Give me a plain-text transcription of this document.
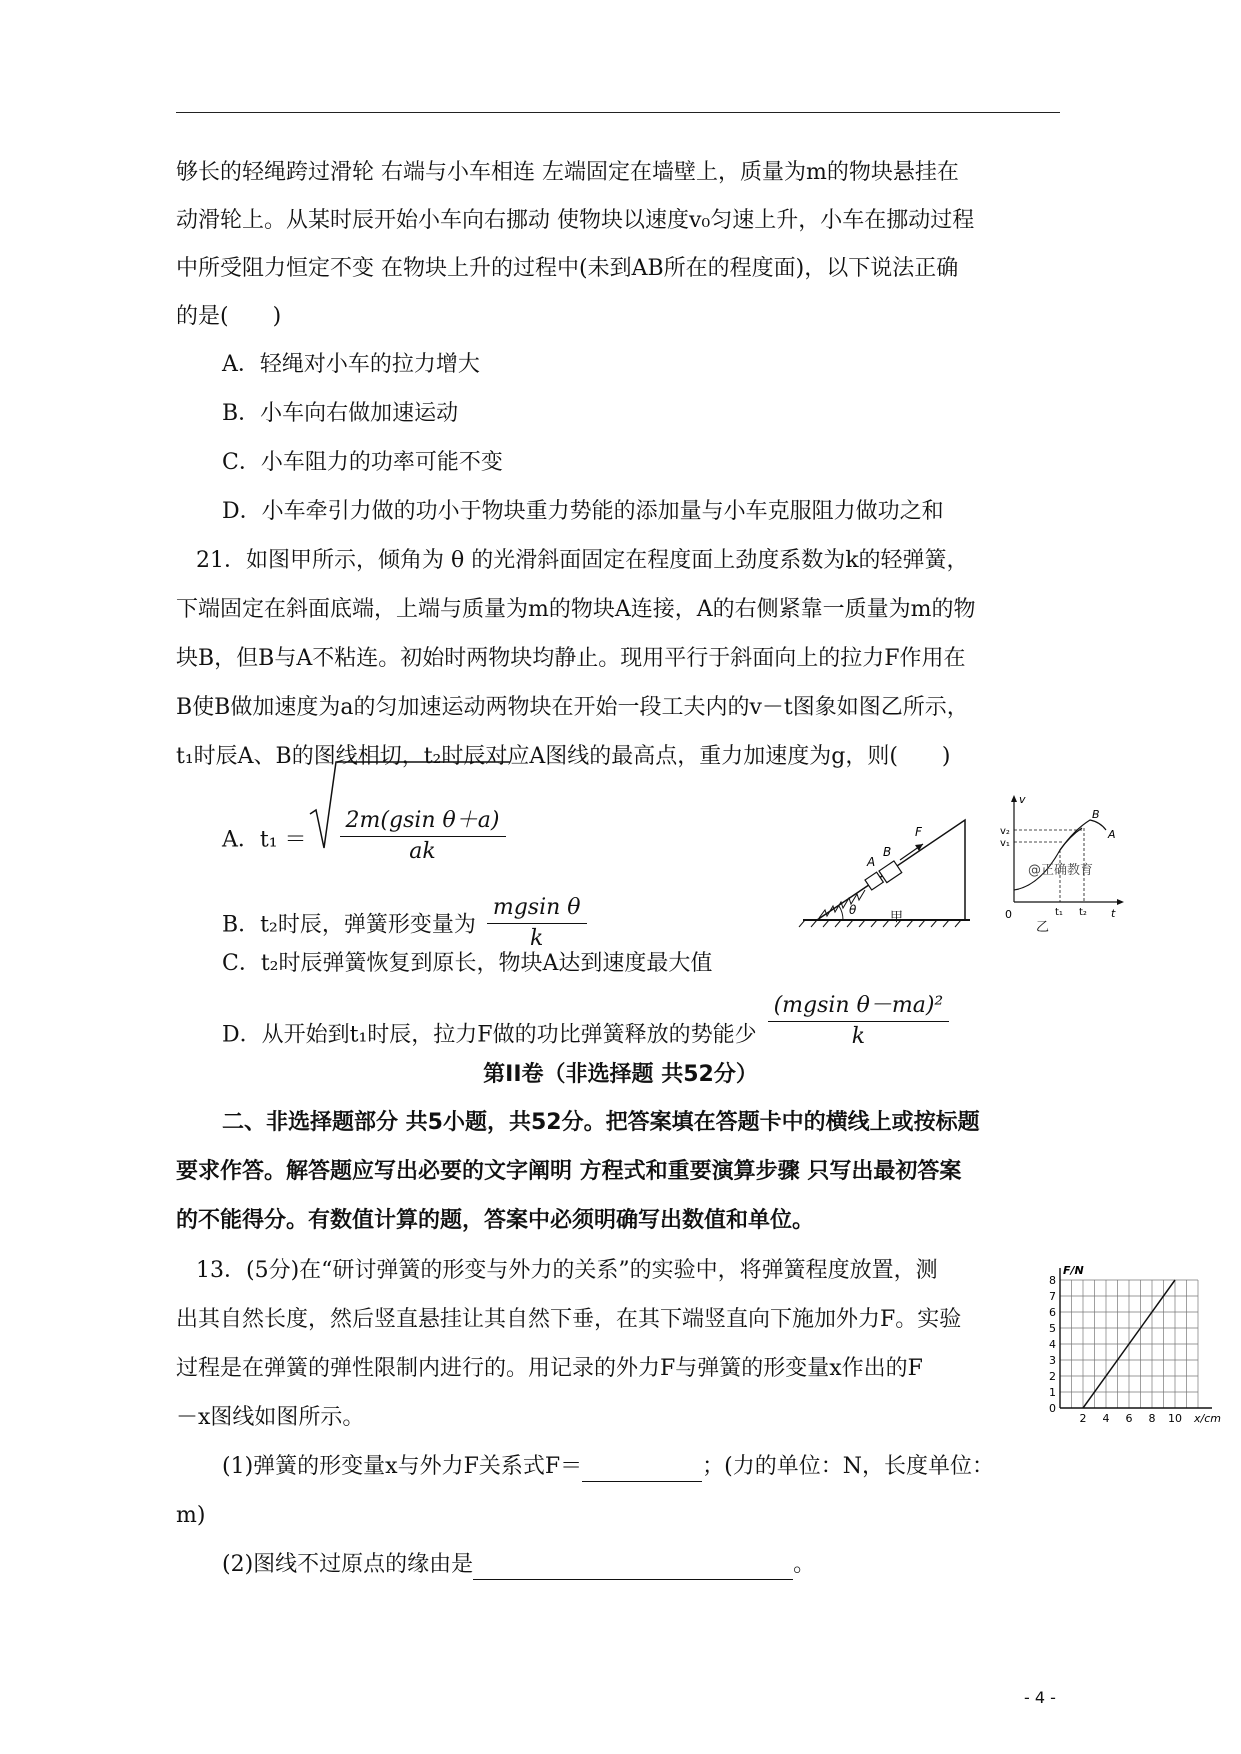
够长的轻绳跨过滑轮 右端与小车相连 左端固定在墙壁上，质量为m的物块悬挂在
动滑轮上。从某时辰开始小车向右挪动 使物块以速度v₀匀速上升，小车在挪动过程
中所受阻力恒定不变 在物块上升的过程中(未到AB所在的程度面)，以下说法正确
的是(　　)
A．轻绳对小车的拉力增大
B．小车向右做加速运动
C．小车阻力的功率可能不变
D．小车牵引力做的功小于物块重力势能的添加量与小车克服阻力做功之和
21．如图甲所示，倾角为 θ 的光滑斜面固定在程度面上劲度系数为k的轻弹簧，
下端固定在斜面底端，上端与质量为m的物块A连接，A的右侧紧靠一质量为m的物
块B，但B与A不粘连。初始时两物块均静止。现用平行于斜面向上的拉力F作用在
B使B做加速度为a的匀加速运动两物块在开始一段工夫内的v－t图象如图乙所示，
t₁时辰A、B的图线相切，t₂时辰对应A图线的最高点，重力加速度为g，则(　　)
A．$t_1 = \frac{\text{2m(gsin θ＋a)}}{ak}$
B．t₂时辰，弹簧形变量为 $\frac{\text{mgsin θ}}{k}$
C．t₂时辰弹簧恢复到原长，物块A达到速度最大值
D．从开始到t₁时辰，拉力F做的功比弹簧释放的势能少 $\frac{\text{(mgsin θ－ma)²}}{k}$
第II卷（非选择题 共52分）
二、非选择题部分 共5小题，共52分。把答案填在答题卡中的横线上或按标题
要求作答。解答题应写出必要的文字阐明 方程式和重要演算步骤 只写出最初答案
的不能得分。有数值计算的题，答案中必须明确写出数值和单位。
13．(5分)在“研讨弹簧的形变与外力的关系”的实验中，将弹簧程度放置，测
出其自然长度，然后竖直悬挂让其自然下垂，在其下端竖直向下施加外力F。实验
过程是在弹簧的弹性限制内进行的。用记录的外力F与弹簧的形变量x作出的F
－x图线如图所示。
(1)弹簧的形变量x与外力F关系式F＝	；(力的单位：N，长度单位：
m)
(2)图线不过原点的缘由是	。
- 4 -
A
B
F
θ	甲
v
t
0
v₂
v₁
t₁ t₂
B
A
@正确教育
乙
F/N
x/cm
0
1
2
3
4
5
6
7
8
2 4 6 8 10
